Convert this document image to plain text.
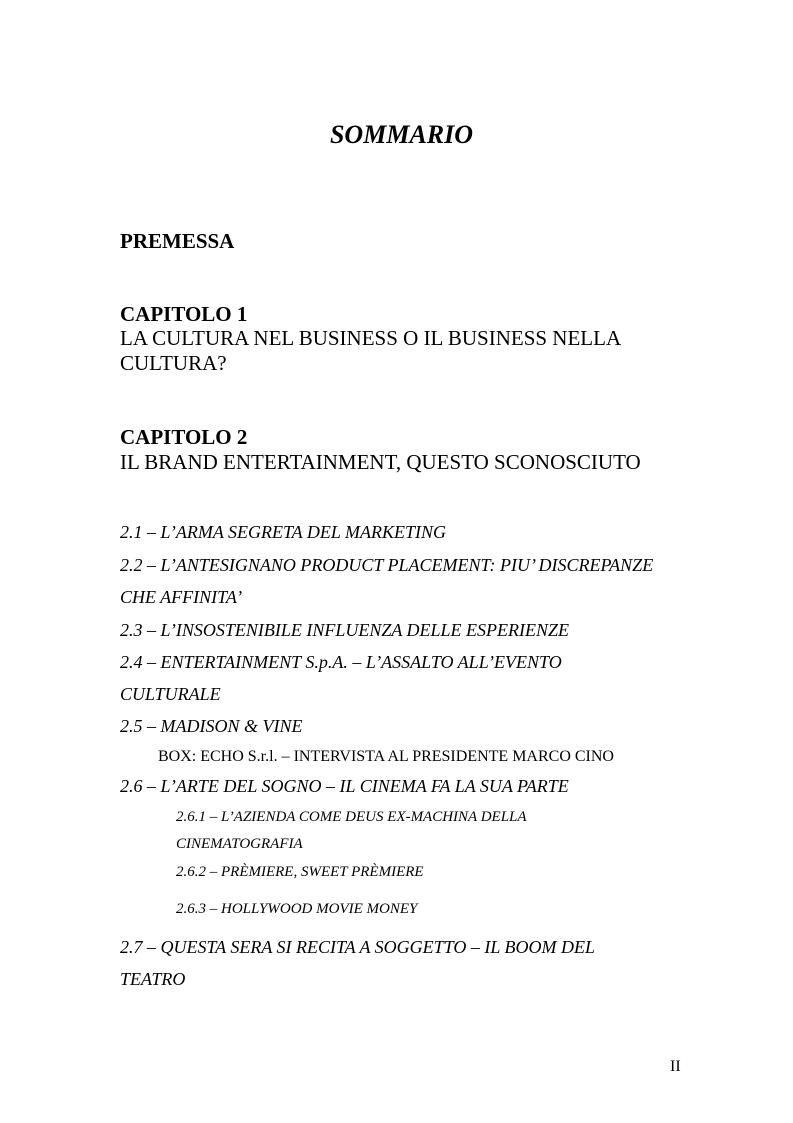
SOMMARIO
PREMESSA
CAPITOLO 1
LA CULTURA NEL BUSINESS O IL BUSINESS NELLA
CULTURA?
CAPITOLO 2
IL BRAND ENTERTAINMENT, QUESTO SCONOSCIUTO
2.1 – L’ARMA SEGRETA DEL MARKETING
2.2 – L’ANTESIGNANO PRODUCT PLACEMENT: PIU’ DISCREPANZE
CHE AFFINITA’
2.3 – L’INSOSTENIBILE INFLUENZA DELLE ESPERIENZE
2.4 – ENTERTAINMENT S.p.A. – L’ASSALTO ALL’EVENTO
CULTURALE
2.5 – MADISON & VINE
BOX: ECHO S.r.l. – INTERVISTA AL PRESIDENTE MARCO CINO
2.6 – L’ARTE DEL SOGNO – IL CINEMA FA LA SUA PARTE
2.6.1 – L’AZIENDA COME DEUS EX-MACHINA DELLA
CINEMATOGRAFIA
2.6.2 – PRÈMIERE, SWEET PRÈMIERE
2.6.3 – HOLLYWOOD MOVIE MONEY
2.7 – QUESTA SERA SI RECITA A SOGGETTO – IL BOOM DEL
TEATRO
II
